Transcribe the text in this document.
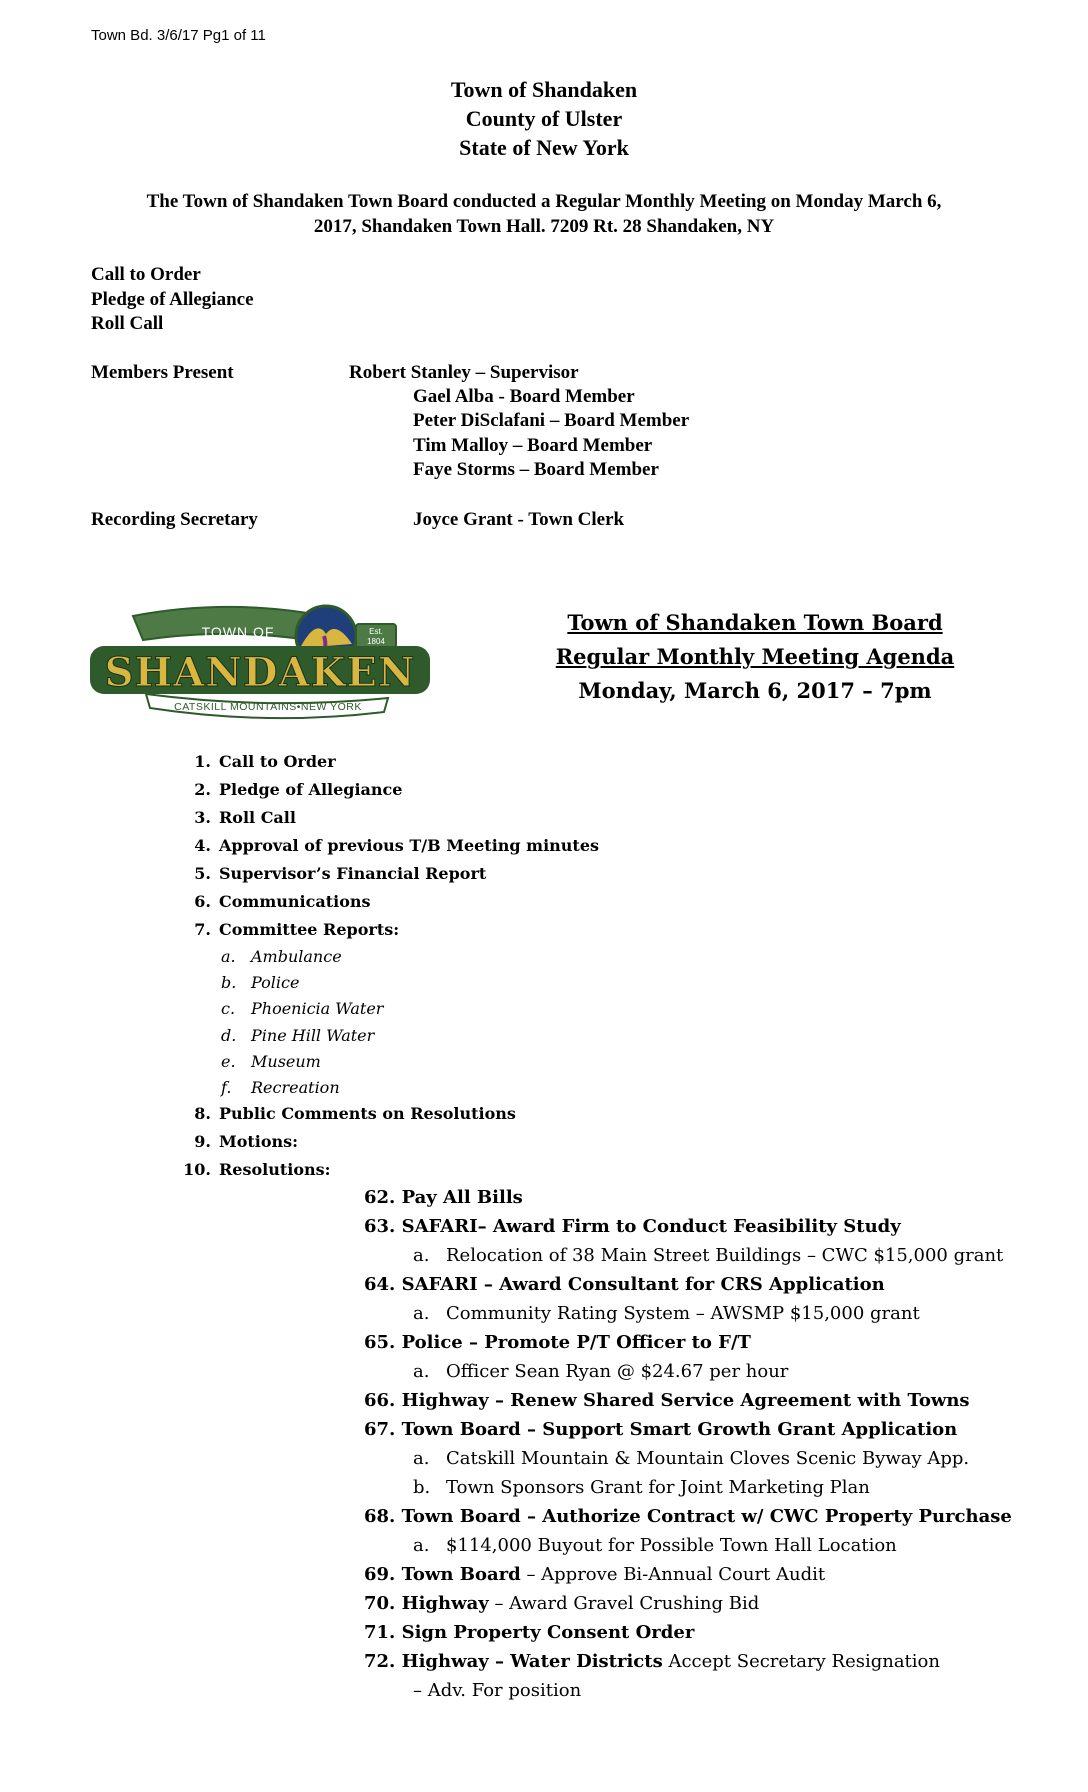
Town Bd. 3/6/17 Pg1 of 11
Town of Shandaken
County of Ulster
State of New York
The Town of Shandaken Town Board conducted a Regular Monthly Meeting on Monday March 6,
2017, Shandaken Town Hall. 7209 Rt. 28 Shandaken, NY
Call to Order
Pledge of Allegiance
Roll Call
Members Present	Robert Stanley – Supervisor
Gael Alba - Board Member
Peter DiSclafani – Board Member
Tim Malloy – Board Member
Faye Storms – Board Member
Recording Secretary	Joyce Grant - Town Clerk
TOWN OF	Est.
1804
SHANDAKEN
CATSKILL MOUNTAINS•NEW YORK
Town of Shandaken Town Board
Regular Monthly Meeting Agenda
Monday, March 6, 2017 – 7pm
1. Call to Order
2. Pledge of Allegiance
3. Roll Call
4. Approval of previous T/B Meeting minutes
5. Supervisor’s Financial Report
6. Communications
7. Committee Reports:
a. Ambulance
b. Police
c. Phoenicia Water
d. Pine Hill Water
e. Museum
f. Recreation
8. Public Comments on Resolutions
9. Motions:
10. Resolutions:
62. Pay All Bills
63. SAFARI– Award Firm to Conduct Feasibility Study
a. Relocation of 38 Main Street Buildings – CWC $15,000 grant
64. SAFARI – Award Consultant for CRS Application
a. Community Rating System – AWSMP $15,000 grant
65. Police – Promote P/T Officer to F/T
a. Officer Sean Ryan @ $24.67 per hour
66. Highway – Renew Shared Service Agreement with Towns
67. Town Board – Support Smart Growth Grant Application
a. Catskill Mountain & Mountain Cloves Scenic Byway App.
b. Town Sponsors Grant for Joint Marketing Plan
68. Town Board – Authorize Contract w/ CWC Property Purchase
a. $114,000 Buyout for Possible Town Hall Location
69. Town Board – Approve Bi-Annual Court Audit
70. Highway – Award Gravel Crushing Bid
71. Sign Property Consent Order
72. Highway – Water Districts Accept Secretary Resignation
– Adv. For position
